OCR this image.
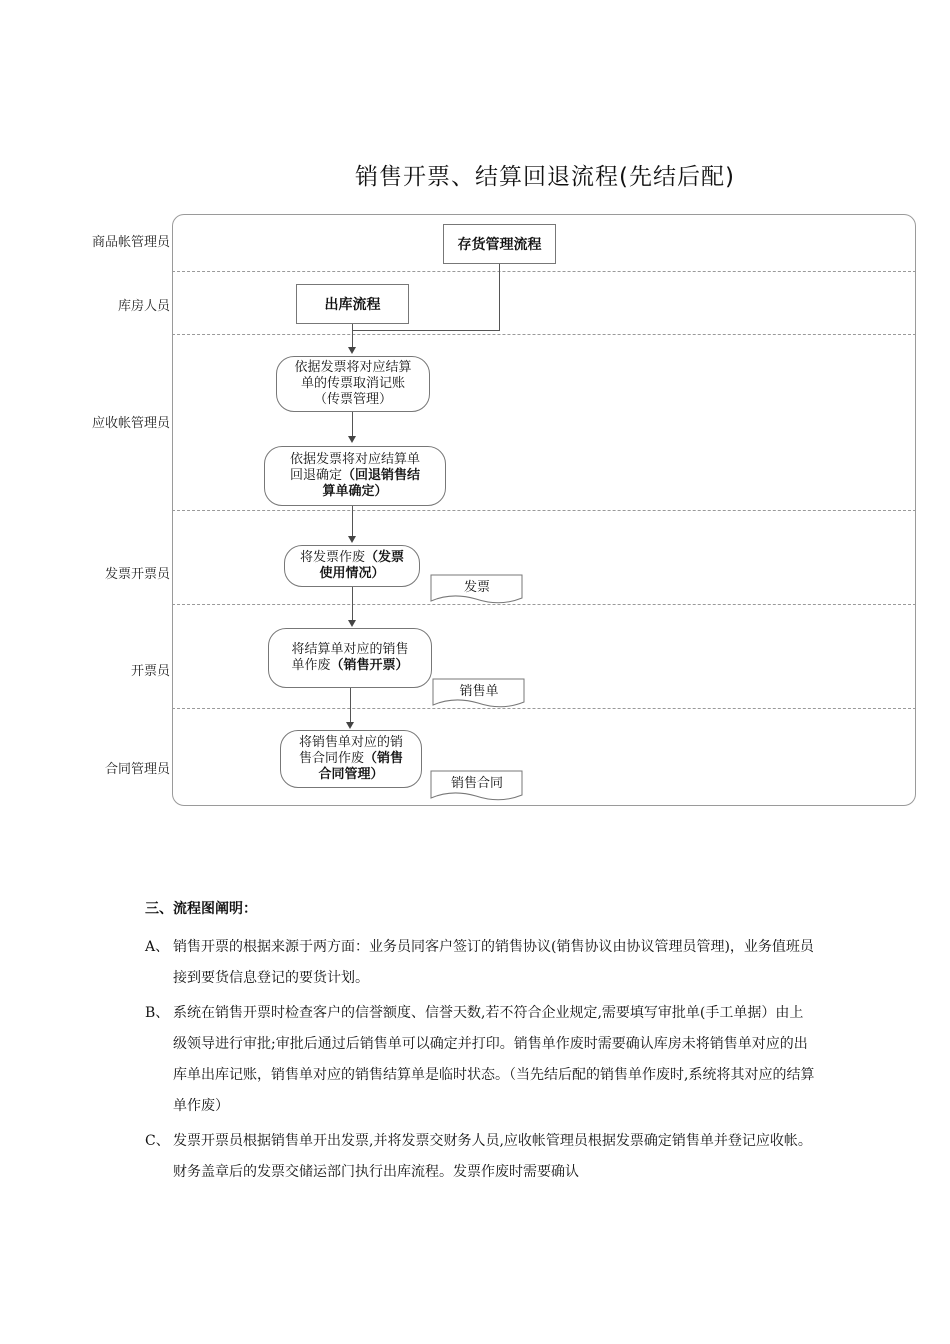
销售开票、结算回退流程(先结后配)
商品帐管理员
库房人员
应收帐管理员
发票开票员
开票员
合同管理员
存货管理流程
出库流程
依据发票将对应结算
单的传票取消记账
（传票管理）
依据发票将对应结算单
回退确定（回退销售结
算单确定）
将发票作废（发票
使用情况）
发票
将结算单对应的销售
单作废（销售开票）
销售单
将销售单对应的销
售合同作废（销售
合同管理）
销售合同
三、流程图阐明：

A、 销售开票的根据来源于两方面：业务员同客户签订的销售协议(销售协议由协议管理员管理)，业务值班员接到要货信息登记的要货计划。

B、 系统在销售开票时检查客户的信誉额度、信誉天数,若不符合企业规定,需要填写审批单(手工单据）由上级领导进行审批;审批后通过后销售单可以确定并打印。销售单作废时需要确认库房未将销售单对应的出库单出库记账，销售单对应的销售结算单是临时状态。（当先结后配的销售单作废时,系统将其对应的结算单作废）

C、 发票开票员根据销售单开出发票,并将发票交财务人员,应收帐管理员根据发票确定销售单并登记应收帐。财务盖章后的发票交储运部门执行出库流程。发票作废时需要确认
